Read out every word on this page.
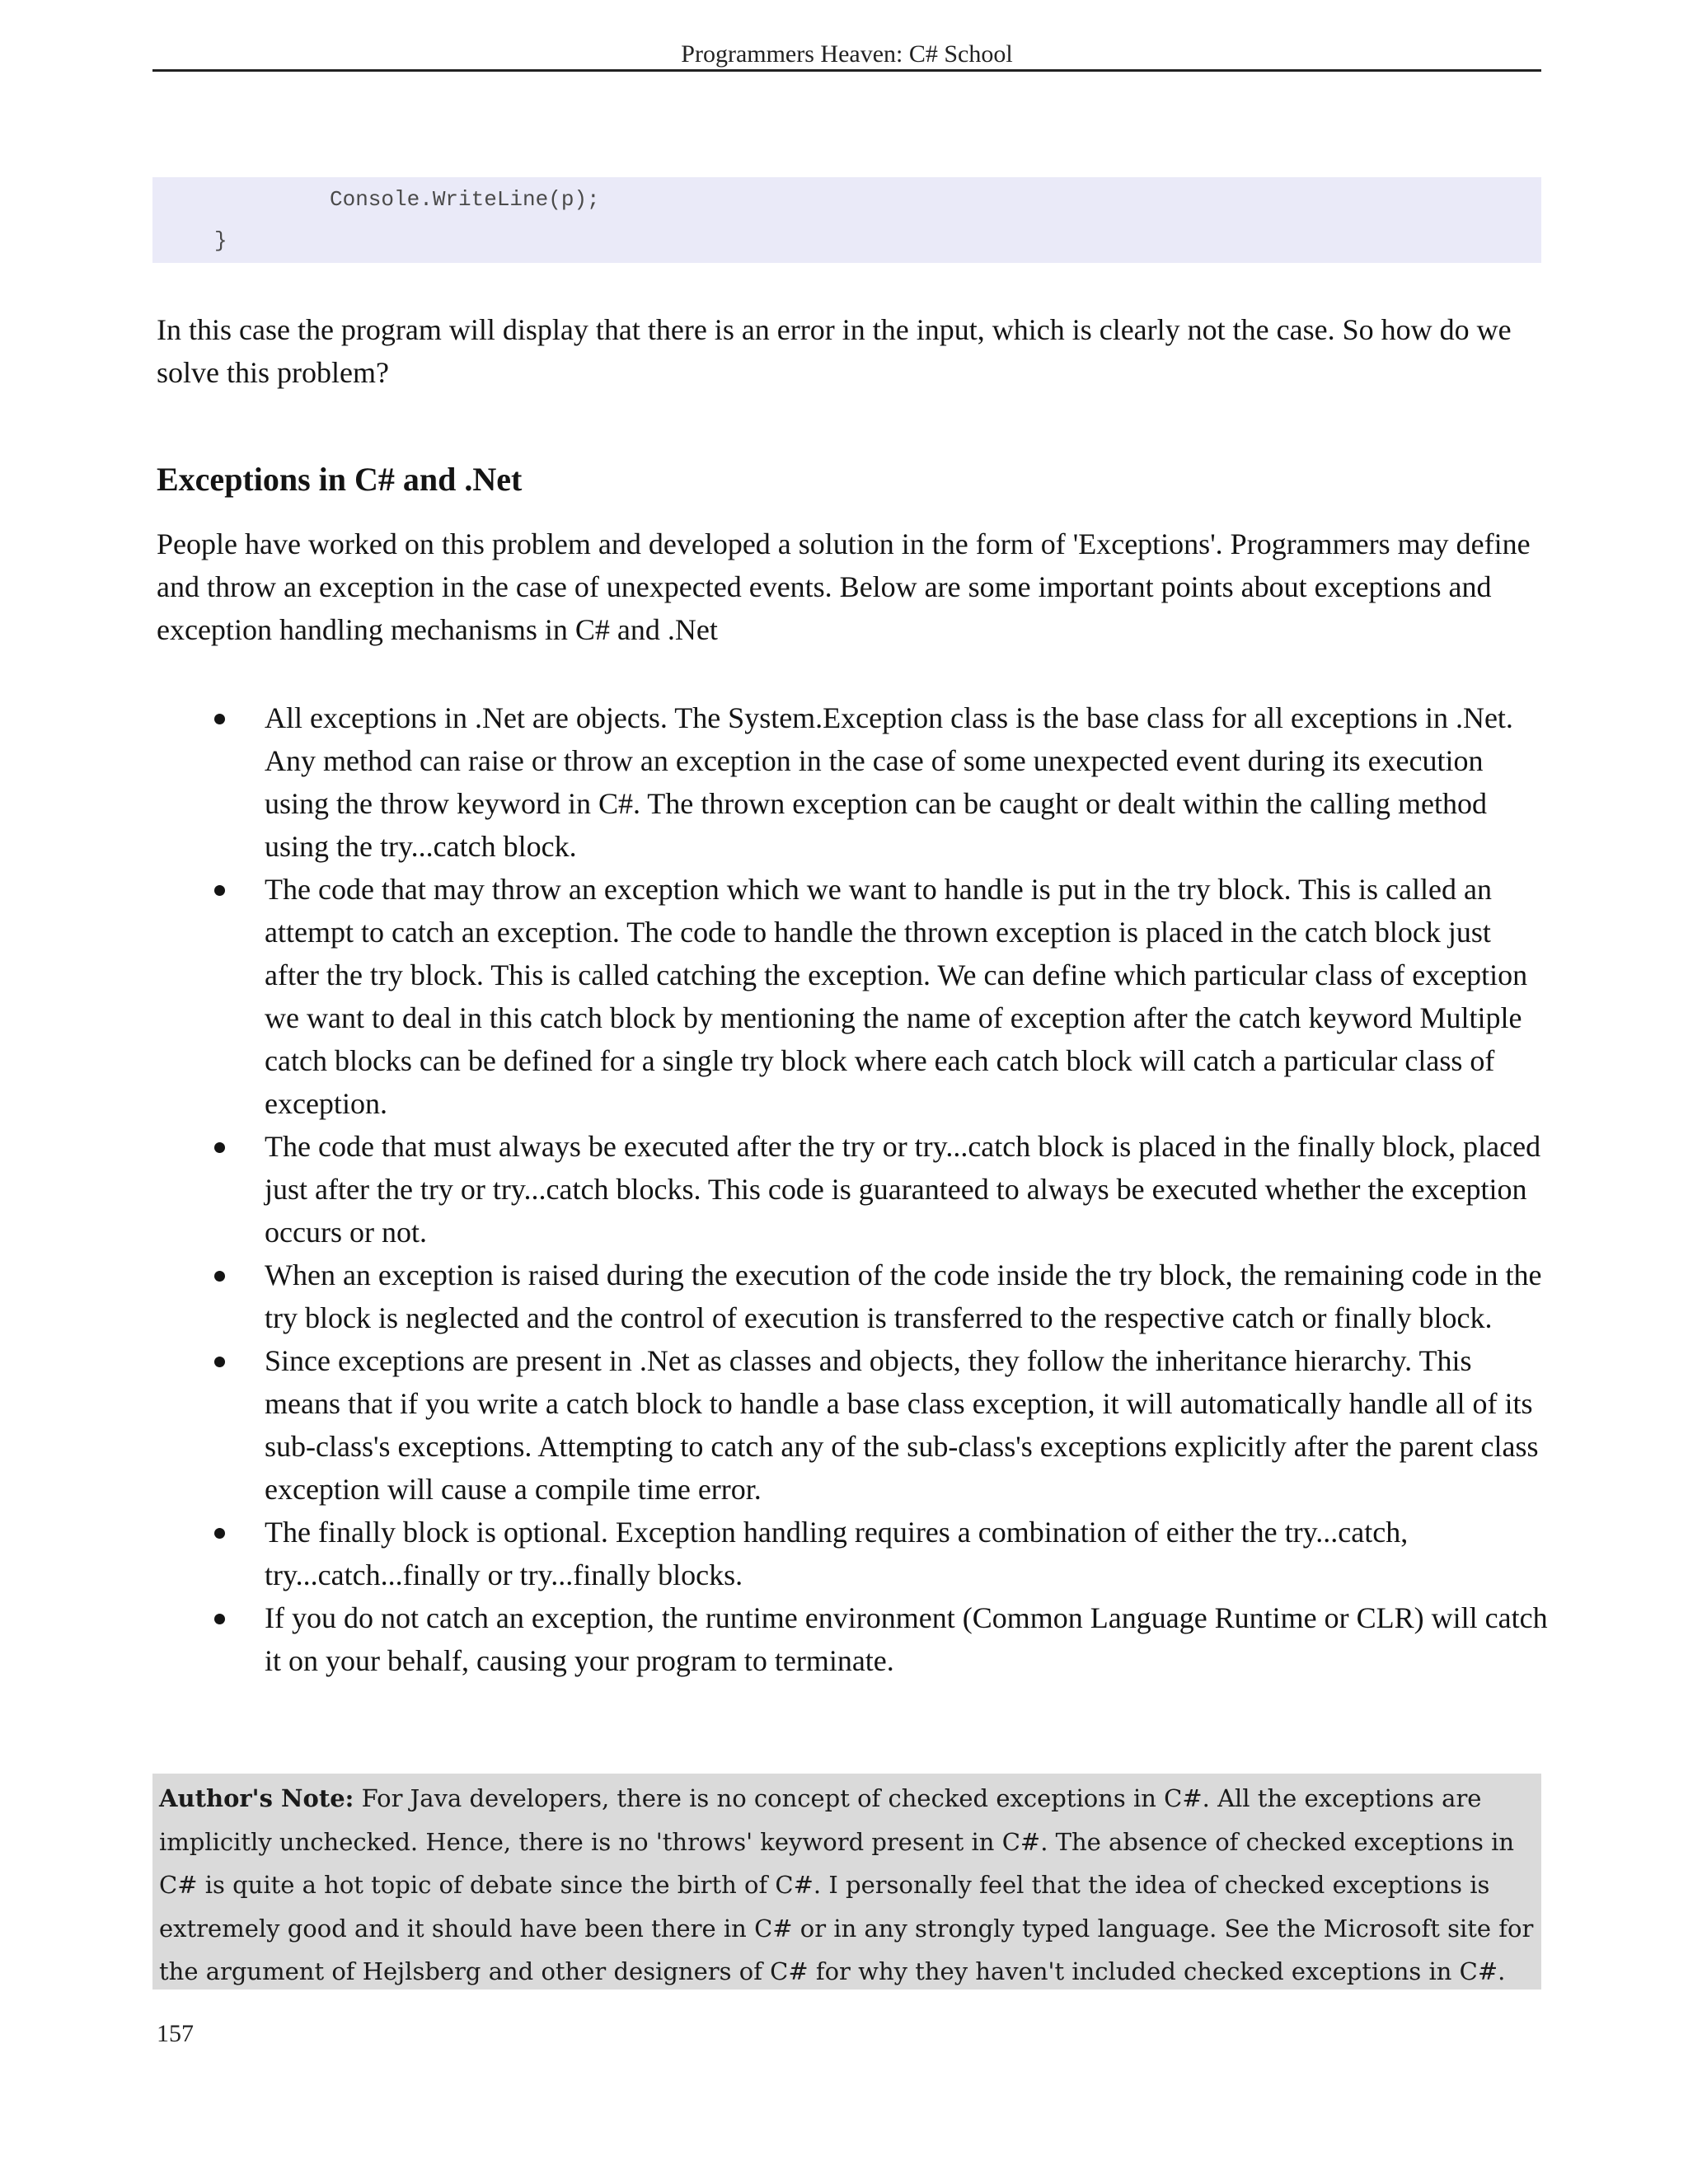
Programmers Heaven: C# School
Console.WriteLine(p);
}

In this case the program will display that there is an error in the input, which is clearly not the case. So how do we solve this problem?

Exceptions in C# and .Net

People have worked on this problem and developed a solution in the form of 'Exceptions'. Programmers may define and throw an exception in the case of unexpected events. Below are some important points about exceptions and exception handling mechanisms in C# and .Net

All exceptions in .Net are objects. The System.Exception class is the base class for all exceptions in .Net. Any method can raise or throw an exception in the case of some unexpected event during its execution using the throw keyword in C#. The thrown exception can be caught or dealt within the calling method using the try...catch block.
The code that may throw an exception which we want to handle is put in the try block. This is called an attempt to catch an exception. The code to handle the thrown exception is placed in the catch block just after the try block. This is called catching the exception. We can define which particular class of exception we want to deal in this catch block by mentioning the name of exception after the catch keyword Multiple catch blocks can be defined for a single try block where each catch block will catch a particular class of exception.
The code that must always be executed after the try or try...catch block is placed in the finally block, placed just after the try or try...catch blocks. This code is guaranteed to always be executed whether the exception occurs or not.
When an exception is raised during the execution of the code inside the try block, the remaining code in the try block is neglected and the control of execution is transferred to the respective catch or finally block.
Since exceptions are present in .Net as classes and objects, they follow the inheritance hierarchy. This means that if you write a catch block to handle a base class exception, it will automatically handle all of its sub-class's exceptions. Attempting to catch any of the sub-class's exceptions explicitly after the parent class exception will cause a compile time error.
The finally block is optional. Exception handling requires a combination of either the try...catch, try...catch...finally or try...finally blocks.
If you do not catch an exception, the runtime environment (Common Language Runtime or CLR) will catch it on your behalf, causing your program to terminate.
Author's Note: For Java developers, there is no concept of checked exceptions in C#. All the exceptions are implicitly unchecked. Hence, there is no 'throws' keyword present in C#. The absence of checked exceptions in C# is quite a hot topic of debate since the birth of C#. I personally feel that the idea of checked exceptions is extremely good and it should have been there in C# or in any strongly typed language. See the Microsoft site for the argument of Hejlsberg and other designers of C# for why they haven't included checked exceptions in C#.
157
